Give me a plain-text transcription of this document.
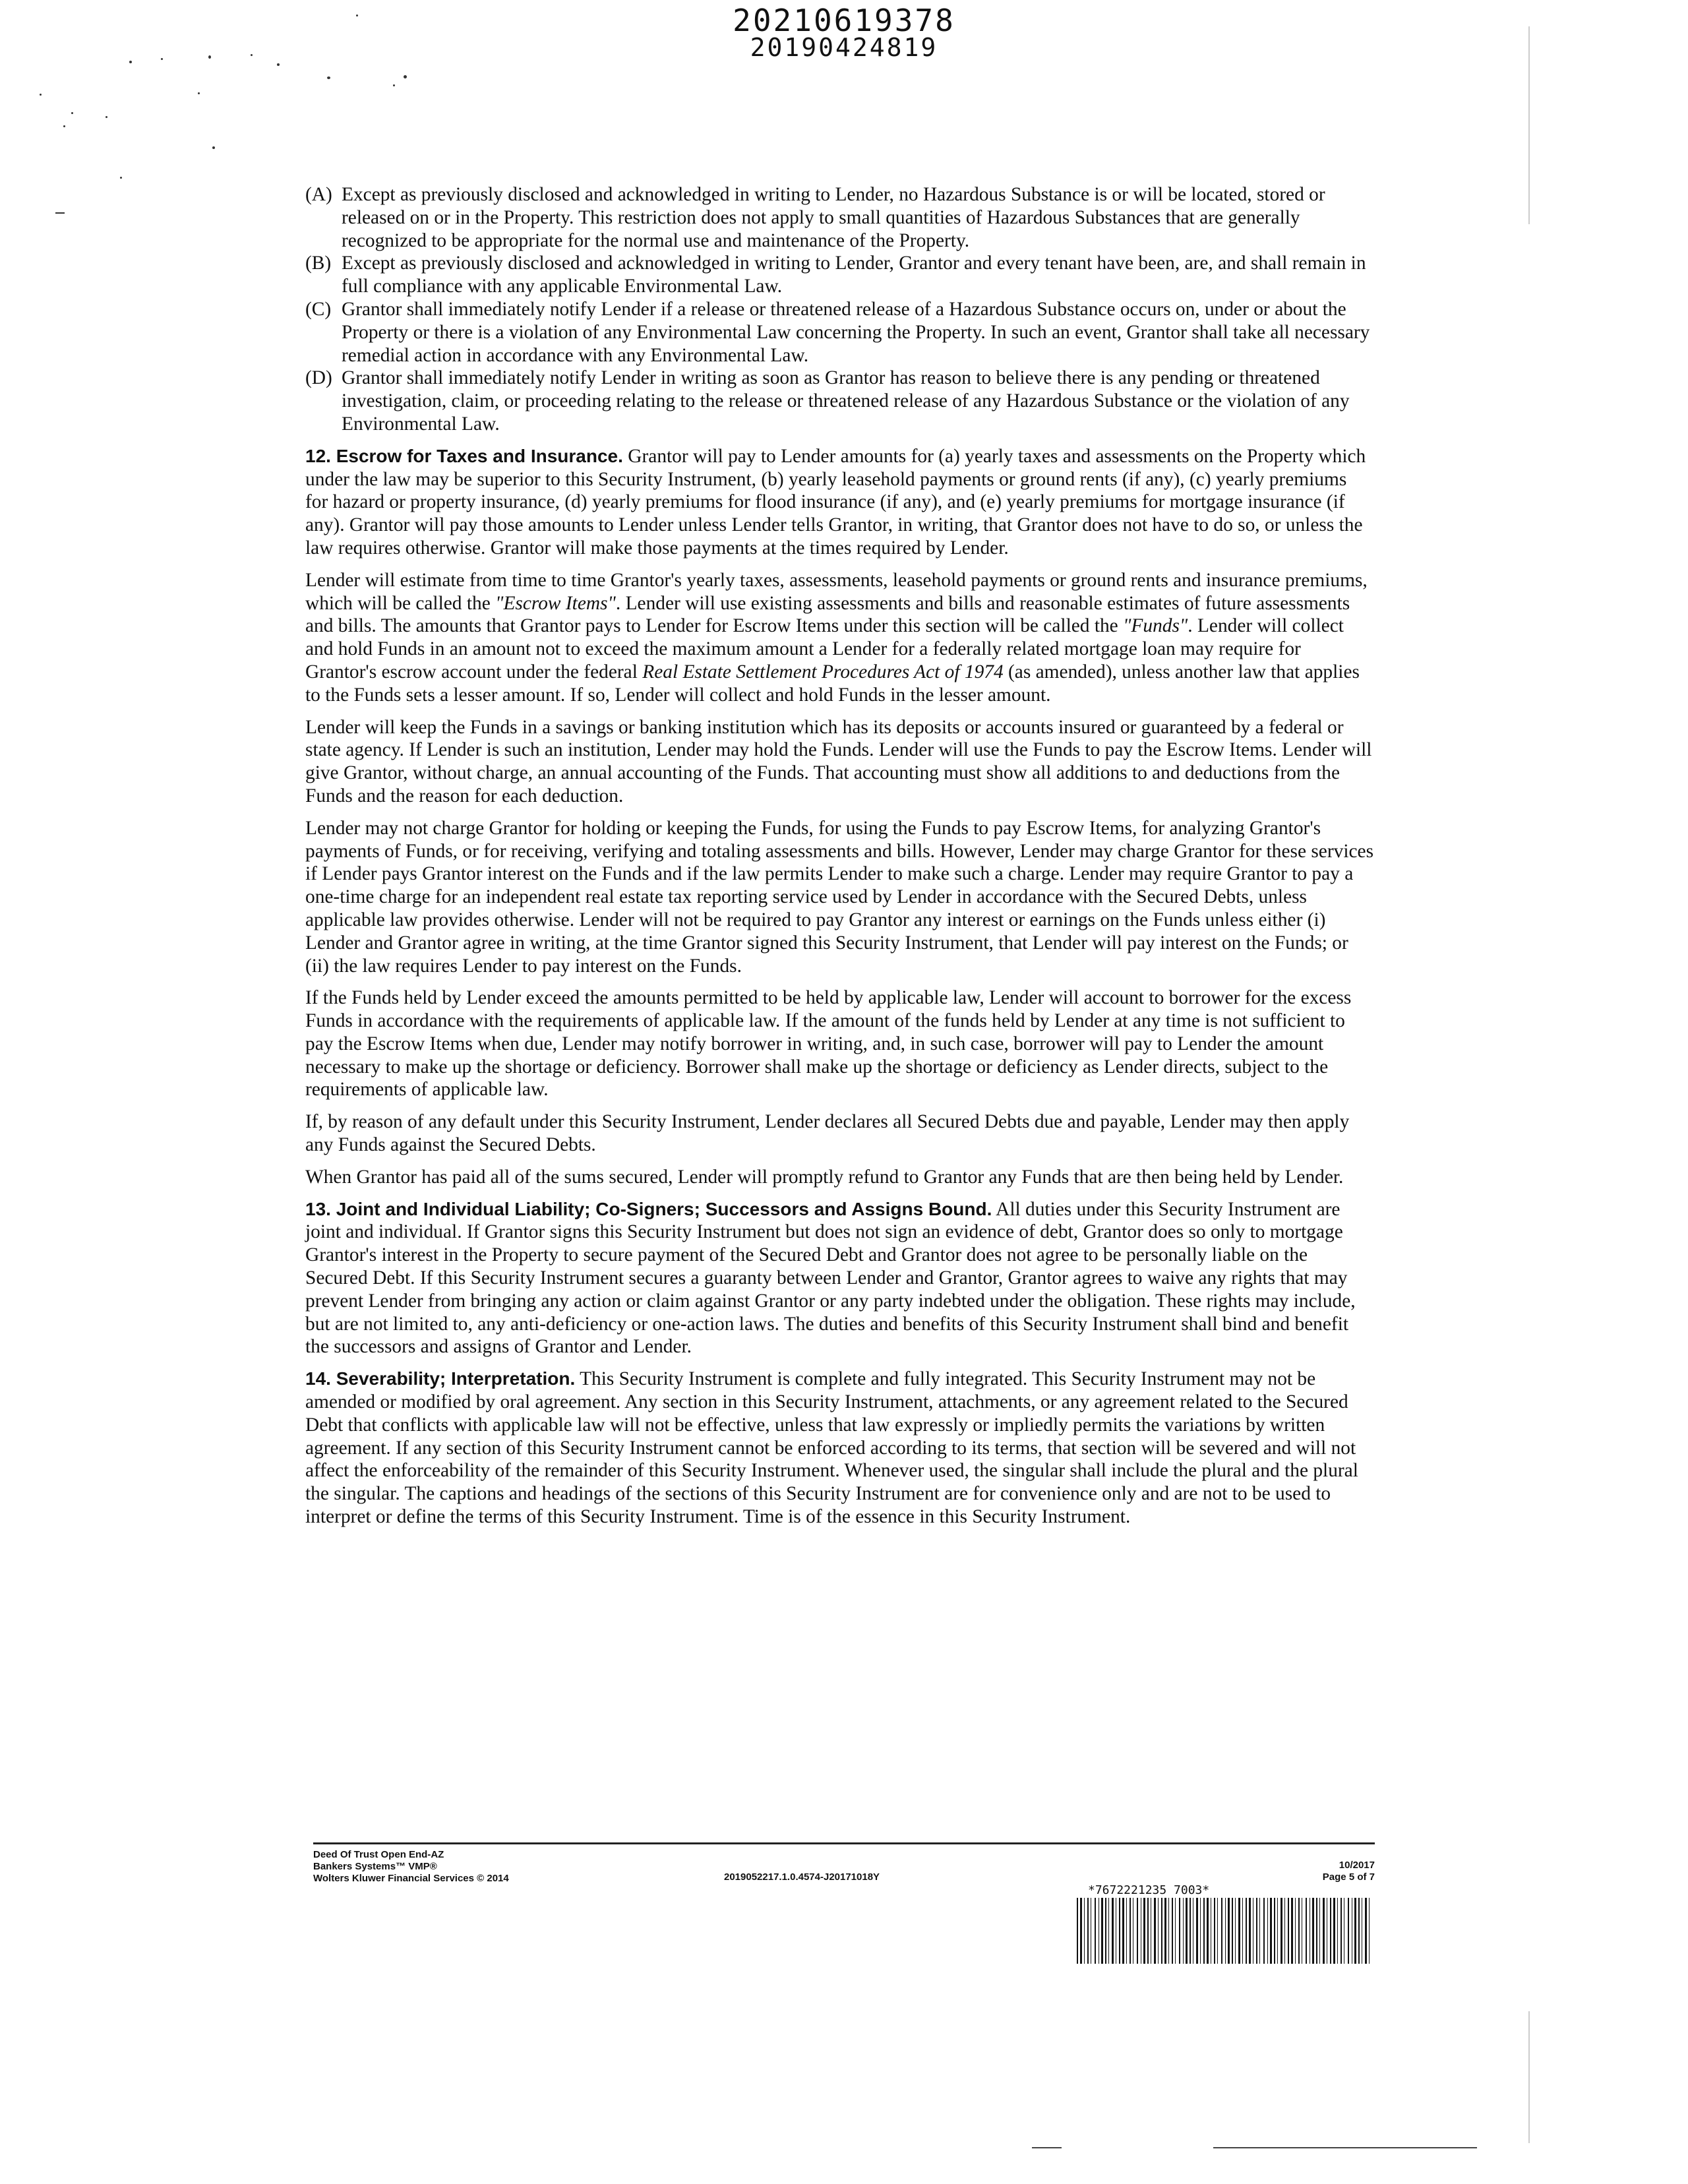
20210619378
20190424819
(A) Except as previously disclosed and acknowledged in writing to Lender, no Hazardous Substance is or will be located, stored or released on or in the Property. This restriction does not apply to small quantities of Hazardous Substances that are generally recognized to be appropriate for the normal use and maintenance of the Property.
(B) Except as previously disclosed and acknowledged in writing to Lender, Grantor and every tenant have been, are, and shall remain in full compliance with any applicable Environmental Law.
(C) Grantor shall immediately notify Lender if a release or threatened release of a Hazardous Substance occurs on, under or about the Property or there is a violation of any Environmental Law concerning the Property. In such an event, Grantor shall take all necessary remedial action in accordance with any Environmental Law.
(D) Grantor shall immediately notify Lender in writing as soon as Grantor has reason to believe there is any pending or threatened investigation, claim, or proceeding relating to the release or threatened release of any Hazardous Substance or the violation of any Environmental Law.

12. Escrow for Taxes and Insurance. Grantor will pay to Lender amounts for (a) yearly taxes and assessments on the Property which under the law may be superior to this Security Instrument, (b) yearly leasehold payments or ground rents (if any), (c) yearly premiums for hazard or property insurance, (d) yearly premiums for flood insurance (if any), and (e) yearly premiums for mortgage insurance (if any). Grantor will pay those amounts to Lender unless Lender tells Grantor, in writing, that Grantor does not have to do so, or unless the law requires otherwise. Grantor will make those payments at the times required by Lender.

Lender will estimate from time to time Grantor's yearly taxes, assessments, leasehold payments or ground rents and insurance premiums, which will be called the "Escrow Items". Lender will use existing assessments and bills and reasonable estimates of future assessments and bills. The amounts that Grantor pays to Lender for Escrow Items under this section will be called the "Funds". Lender will collect and hold Funds in an amount not to exceed the maximum amount a Lender for a federally related mortgage loan may require for Grantor's escrow account under the federal Real Estate Settlement Procedures Act of 1974 (as amended), unless another law that applies to the Funds sets a lesser amount. If so, Lender will collect and hold Funds in the lesser amount.

Lender will keep the Funds in a savings or banking institution which has its deposits or accounts insured or guaranteed by a federal or state agency. If Lender is such an institution, Lender may hold the Funds. Lender will use the Funds to pay the Escrow Items. Lender will give Grantor, without charge, an annual accounting of the Funds. That accounting must show all additions to and deductions from the Funds and the reason for each deduction.

Lender may not charge Grantor for holding or keeping the Funds, for using the Funds to pay Escrow Items, for analyzing Grantor's payments of Funds, or for receiving, verifying and totaling assessments and bills. However, Lender may charge Grantor for these services if Lender pays Grantor interest on the Funds and if the law permits Lender to make such a charge. Lender may require Grantor to pay a one-time charge for an independent real estate tax reporting service used by Lender in accordance with the Secured Debts, unless applicable law provides otherwise. Lender will not be required to pay Grantor any interest or earnings on the Funds unless either (i) Lender and Grantor agree in writing, at the time Grantor signed this Security Instrument, that Lender will pay interest on the Funds; or (ii) the law requires Lender to pay interest on the Funds.

If the Funds held by Lender exceed the amounts permitted to be held by applicable law, Lender will account to borrower for the excess Funds in accordance with the requirements of applicable law. If the amount of the funds held by Lender at any time is not sufficient to pay the Escrow Items when due, Lender may notify borrower in writing, and, in such case, borrower will pay to Lender the amount necessary to make up the shortage or deficiency. Borrower shall make up the shortage or deficiency as Lender directs, subject to the requirements of applicable law.

If, by reason of any default under this Security Instrument, Lender declares all Secured Debts due and payable, Lender may then apply any Funds against the Secured Debts.

When Grantor has paid all of the sums secured, Lender will promptly refund to Grantor any Funds that are then being held by Lender.

13. Joint and Individual Liability; Co-Signers; Successors and Assigns Bound. All duties under this Security Instrument are joint and individual. If Grantor signs this Security Instrument but does not sign an evidence of debt, Grantor does so only to mortgage Grantor's interest in the Property to secure payment of the Secured Debt and Grantor does not agree to be personally liable on the Secured Debt. If this Security Instrument secures a guaranty between Lender and Grantor, Grantor agrees to waive any rights that may prevent Lender from bringing any action or claim against Grantor or any party indebted under the obligation. These rights may include, but are not limited to, any anti-deficiency or one-action laws. The duties and benefits of this Security Instrument shall bind and benefit the successors and assigns of Grantor and Lender.

14. Severability; Interpretation. This Security Instrument is complete and fully integrated. This Security Instrument may not be amended or modified by oral agreement. Any section in this Security Instrument, attachments, or any agreement related to the Secured Debt that conflicts with applicable law will not be effective, unless that law expressly or impliedly permits the variations by written agreement. If any section of this Security Instrument cannot be enforced according to its terms, that section will be severed and will not affect the enforceability of the remainder of this Security Instrument. Whenever used, the singular shall include the plural and the plural the singular. The captions and headings of the sections of this Security Instrument are for convenience only and are not to be used to interpret or define the terms of this Security Instrument. Time is of the essence in this Security Instrument.

Deed Of Trust Open End-AZ
Bankers Systems™ VMP®
Wolters Kluwer Financial Services © 2014	2019052217.1.0.4574-J20171018Y
10/2017
Page 5 of 7
*7672221235 7003*
